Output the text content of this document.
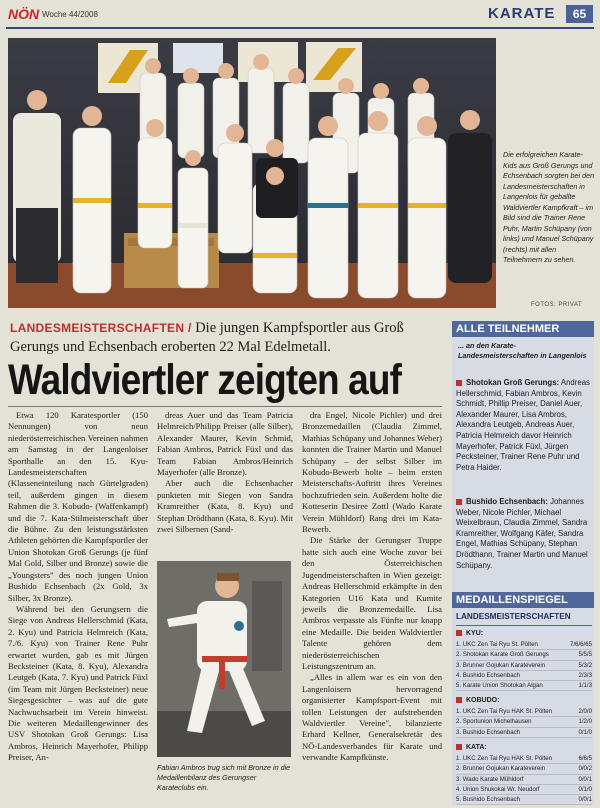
NÖN Woche 44/2008	KARATE	65
Die erfolgreichen Karate-Kids aus Groß Gerungs und Echsenbach sorgten bei den Landesmeisterschaften in Langenlois für geballte Waldviertler Kampfkraft – im Bild sind die Trainer Rene Puhr, Martin Schüpany (von links) und Manuel Schüpany (rechts) mit allen Teilnehmern zu sehen.
FOTOS: PRIVAT
LANDESMEISTERSCHAFTEN / Die jungen Kampfsportler aus Groß Gerungs und Echsenbach eroberten 22 Mal Edelmetall.
Waldviertler zeigten auf

Etwa 120 Karatesportler (150 Nennungen) von neun niederösterreichischen Vereinen nahmen am Samstag in der Langenloiser Sporthalle an den 15. Kyu-Landesmeisterschaften (Klasseneinteilung nach Gürtelgraden) teil, außerdem gingen in diesem Rahmen die 3. Kobudo- (Waffenkampf) und die 7. Kata-Stilmeisterschaft über die Bühne. Zu den leistungsstärksten Athleten gehörten die Kampfsportler der Union Shotokan Groß Gerungs (je fünf Mal Gold, Silber und Bronze) sowie die „Youngsters" des noch jungen Union Bushido Echsenbach (2x Gold, 3x Silber, 3x Bronze).

Während bei den Gerungsern die Siege von Andreas Hellerschmid (Kata, 2. Kyu) und Patricia Helmreich (Kata, 7./6. Kyu) von Trainer Rene Puhr erwartet wurden, gab es mit Jürgen Becksteiner (Kata, 8. Kyu), Alexandra Leutgeb (Kata, 7. Kyu) und Patrick Füxl (im Team mit Jürgen Becksteiner) neue Siegesgesichter – was auf die gute Nachwuchsarbeit im Verein hinweist. Die weiteren Medaillengewinner des USV Shotokan Groß Gerungs: Lisa Ambros, Heinrich Mayerhofer, Philipp Preiser, An-

dreas Auer und das Team Patricia Helmreich/Philipp Preiser (alle Silber), Alexander Maurer, Kevin Schmid, Fabian Ambros, Patrick Füxl und das Team Fabian Ambros/Heinrich Mayerhofer (alle Bronze).

Aber auch die Echsenbacher punkteten mit Siegen von Sandra Kramreither (Kata, 8. Kyu) und Stephan Drödthann (Kata, 8. Kyu). Mit zwei Silbernen (Sand-

Fabian Ambros trug sich mit Bronze in die Medaillenbilanz des Gerungser Karateclubs ein.

dra Engel, Nicole Pichler) und drei Bronzemedaillen (Claudia Zimmel, Mathias Schüpany und Johannes Weber) konnten die Trainer Martin und Manuel Schüpany – der selbst Silber im Kobudo-Bewerb holte – beim ersten Meisterschafts-Auftritt ihres Vereines hochzufrieden sein. Außerdem holte die Kotteserin Desiree Zottl (Wado Karate Verein Mühldorf) Rang drei im Kata-Bewerb.

Die Stärke der Gerungser Truppe hatte sich auch eine Woche zuvor bei den Österreichischen Jugendmeisterschaften in Wien gezeigt: Andreas Hellerschmid erkämpfte in den Kategorien U16 Kata und Kumite jeweils die Bronzemedaille. Lisa Ambros verpasste als Fünfte nur knapp eine Medaille. Die beiden Waldviertler Talente gehören dem niederösterreichischen Leistungszentrum an.

„Alles in allem war es ein von den Langenloisern hervorragend organisierter Kampfsport-Event mit tollen Leistungen der aufstrebenden Waldviertler Vereine", bilanzierte Erhard Kellner, Generalsekretär des NÖ-Landesverbandes für Karate und verwandte Kampfkünste.

ALLE TEILNEHMER
... an den Karate-Landesmeisterschaften in Langenlois
Shotokan Groß Gerungs: Andreas Hellerschmid, Fabian Ambros, Kevin Schmidt, Phillip Preiser, Daniel Auer, Alexander Maurer, Lisa Ambros, Alexandra Leutgeb, Andreas Auer, Patricia Helmreich davor Heinrich Mayerhofer, Patrick Füxl, Jürgen Pecksteiner, Trainer Rene Puhr und Petra Haider.
Bushido Echsenbach: Johannes Weber, Nicole Pichler, Michael Weixelbraun, Claudia Zimmel, Sandra Kramreither, Wolfgang Käfer, Sandra Engel, Mathias Schüpany, Stephan Drödthann, Trainer Martin und Manuel Schüpany.
MEDAILLENSPIEGEL
LANDESMEISTERSCHAFTEN
KYU:
1. UKC Zen Tai Ryu St. Pölten	7/6/6/65
2. Shotokan Karate Groß Gerungs	5/5/5
3. Brunner Gojukan Karateverein	5/3/2
4. Bushido Echsenbach	2/3/3
5. Karate Union Shotokan Algan	1/1/3
KOBUDO:
1. UKC Zen Tai Ryu HAK St. Pölten	2/0/0
2. Sportunion Michelhausen	1/2/0
3. Bushido Echsenbach	0/1/0
KATA:
1. UKC Zen Tai Ryu HAK St. Pölten	6/6/5
2. Brunner Gojukan Karateverein	0/0/2
3. Wado Karate Mühldorf	0/0/1
4. Union Shukokai Wr. Neudorf	0/1/0
5. Bushido Echsenbach	0/0/1
